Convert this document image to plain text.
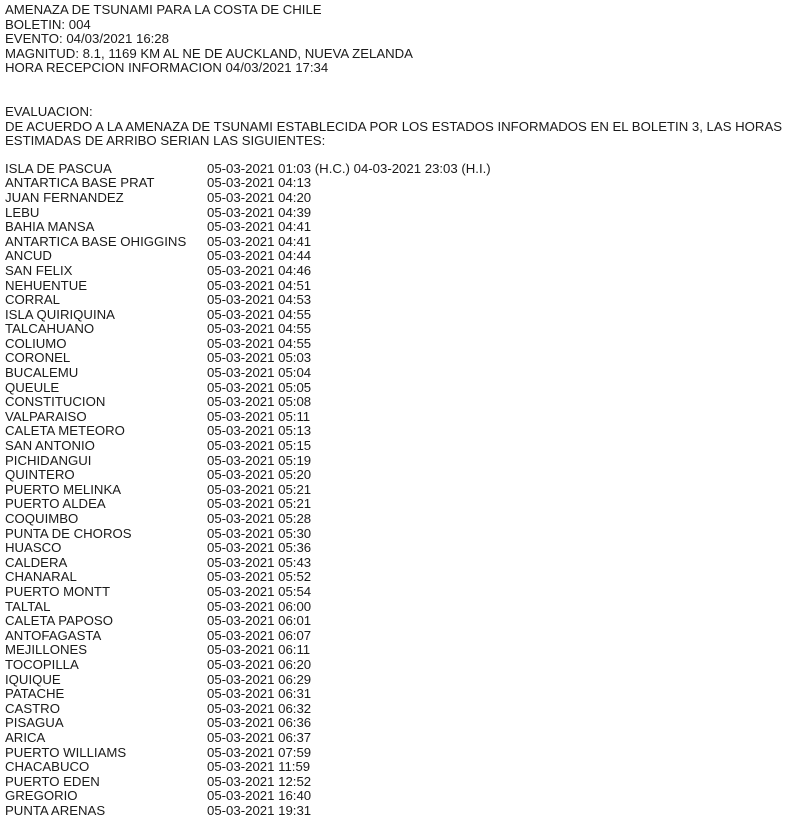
AMENAZA DE TSUNAMI PARA LA COSTA DE CHILE
BOLETIN: 004
EVENTO: 04/03/2021 16:28
MAGNITUD: 8.1, 1169 KM AL NE DE AUCKLAND, NUEVA ZELANDA
HORA RECEPCION INFORMACION 04/03/2021 17:34
EVALUACION:
DE ACUERDO A LA AMENAZA DE TSUNAMI ESTABLECIDA POR LOS ESTADOS INFORMADOS EN EL BOLETIN 3, LAS HORAS ESTIMADAS DE ARRIBO SERIAN LAS SIGUIENTES:
ISLA DE PASCUA	05-03-2021 01:03 (H.C.) 04-03-2021 23:03 (H.I.)
ANTARTICA BASE PRAT	05-03-2021 04:13
JUAN FERNANDEZ	05-03-2021 04:20
LEBU	05-03-2021 04:39
BAHIA MANSA	05-03-2021 04:41
ANTARTICA BASE OHIGGINS 05-03-2021 04:41
ANCUD	05-03-2021 04:44
SAN FELIX	05-03-2021 04:46
NEHUENTUE	05-03-2021 04:51
CORRAL	05-03-2021 04:53
ISLA QUIRIQUINA	05-03-2021 04:55
TALCAHUANO	05-03-2021 04:55
COLIUMO	05-03-2021 04:55
CORONEL	05-03-2021 05:03
BUCALEMU	05-03-2021 05:04
QUEULE	05-03-2021 05:05
CONSTITUCION	05-03-2021 05:08
VALPARAISO	05-03-2021 05:11
CALETA METEORO	05-03-2021 05:13
SAN ANTONIO	05-03-2021 05:15
PICHIDANGUI	05-03-2021 05:19
QUINTERO	05-03-2021 05:20
PUERTO MELINKA	05-03-2021 05:21
PUERTO ALDEA	05-03-2021 05:21
COQUIMBO	05-03-2021 05:28
PUNTA DE CHOROS	05-03-2021 05:30
HUASCO	05-03-2021 05:36
CALDERA	05-03-2021 05:43
CHANARAL	05-03-2021 05:52
PUERTO MONTT	05-03-2021 05:54
TALTAL	05-03-2021 06:00
CALETA PAPOSO	05-03-2021 06:01
ANTOFAGASTA	05-03-2021 06:07
MEJILLONES	05-03-2021 06:11
TOCOPILLA	05-03-2021 06:20
IQUIQUE	05-03-2021 06:29
PATACHE	05-03-2021 06:31
CASTRO	05-03-2021 06:32
PISAGUA	05-03-2021 06:36
ARICA	05-03-2021 06:37
PUERTO WILLIAMS	05-03-2021 07:59
CHACABUCO	05-03-2021 11:59
PUERTO EDEN	05-03-2021 12:52
GREGORIO	05-03-2021 16:40
PUNTA ARENAS	05-03-2021 19:31
